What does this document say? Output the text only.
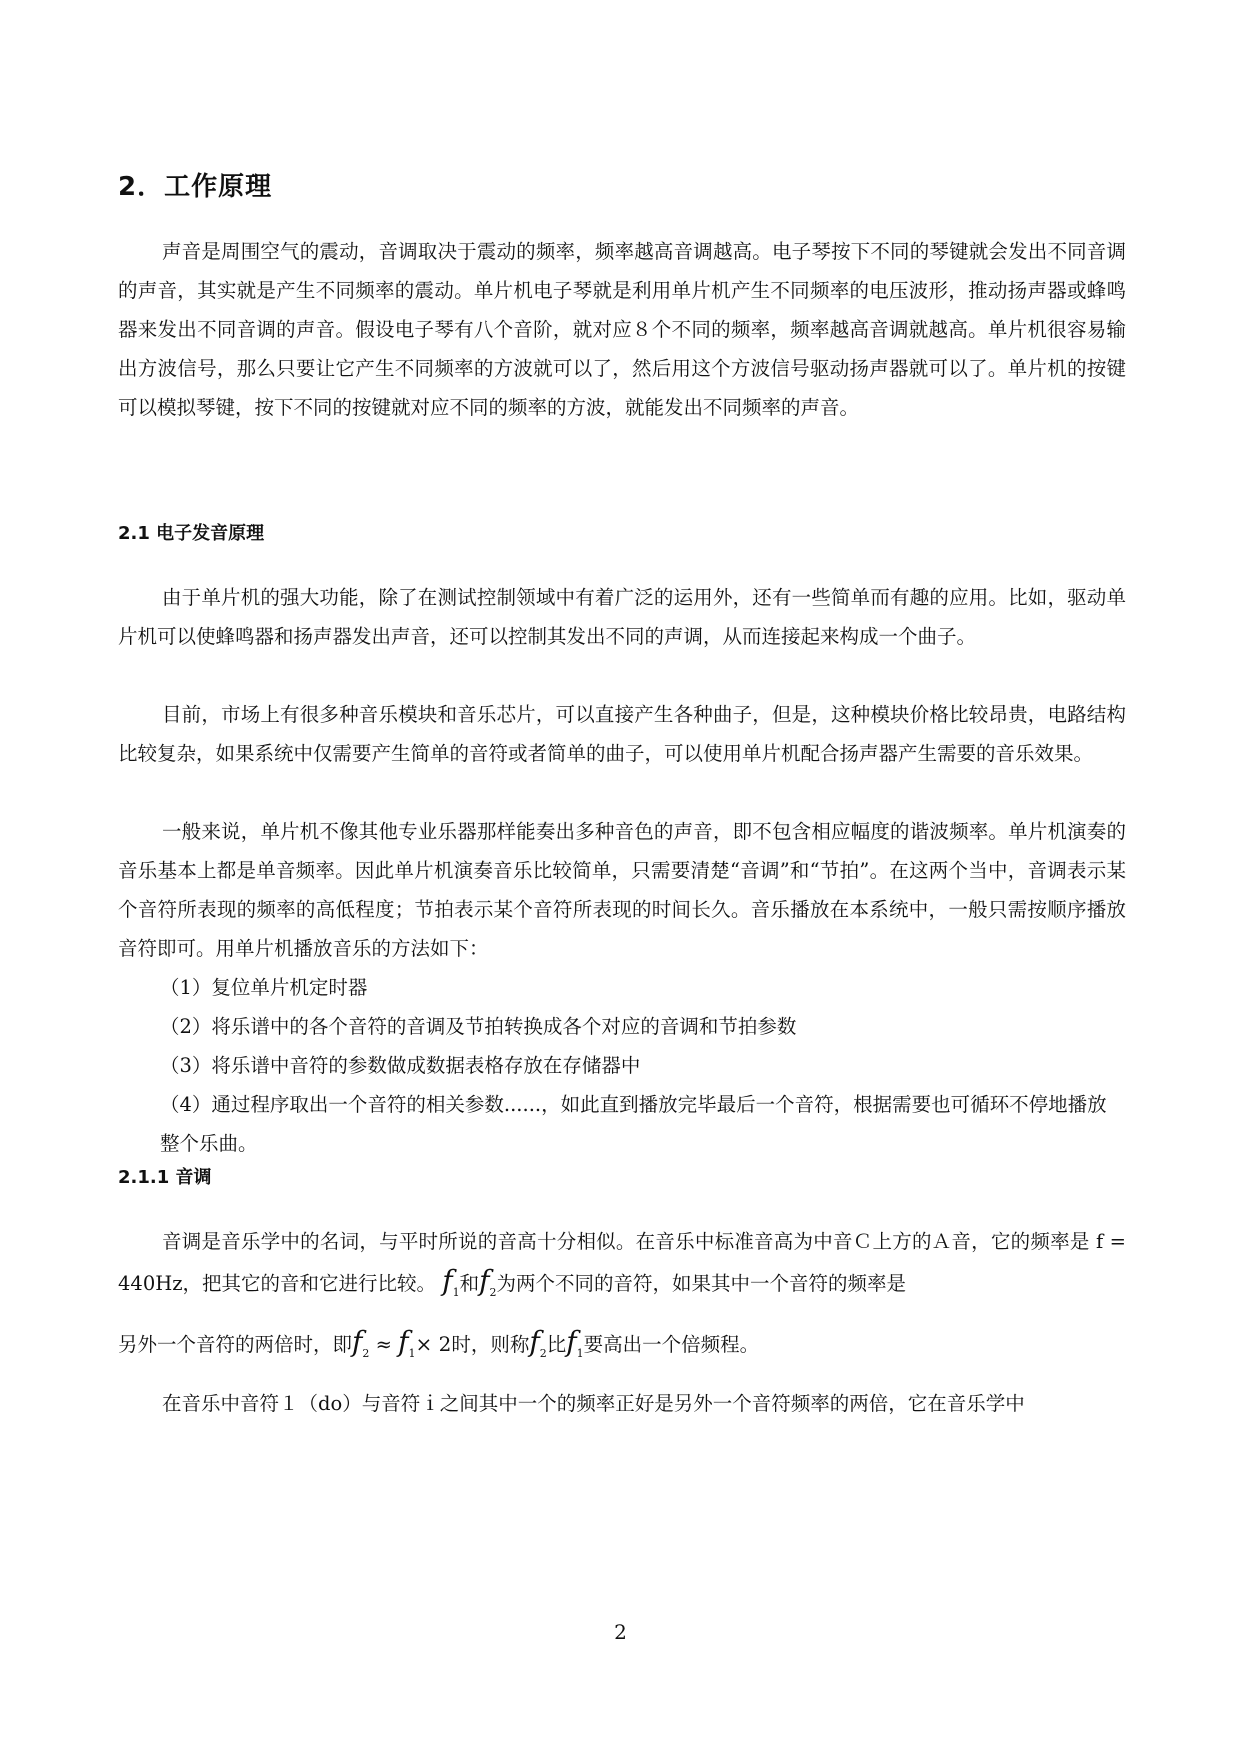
2．工作原理

声音是周围空气的震动，音调取决于震动的频率，频率越高音调越高。电子琴按下不同的琴键就会发出不同音调的声音，其实就是产生不同频率的震动。单片机电子琴就是利用单片机产生不同频率的电压波形，推动扬声器或蜂鸣器来发出不同音调的声音。假设电子琴有八个音阶，就对应８个不同的频率，频率越高音调就越高。单片机很容易输出方波信号，那么只要让它产生不同频率的方波就可以了，然后用这个方波信号驱动扬声器就可以了。单片机的按键可以模拟琴键，按下不同的按键就对应不同的频率的方波，就能发出不同频率的声音。

2.1 电子发音原理

由于单片机的强大功能，除了在测试控制领域中有着广泛的运用外，还有一些简单而有趣的应用。比如，驱动单片机可以使蜂鸣器和扬声器发出声音，还可以控制其发出不同的声调，从而连接起来构成一个曲子。

目前，市场上有很多种音乐模块和音乐芯片，可以直接产生各种曲子，但是，这种模块价格比较昂贵，电路结构比较复杂，如果系统中仅需要产生简单的音符或者简单的曲子，可以使用单片机配合扬声器产生需要的音乐效果。

一般来说，单片机不像其他专业乐器那样能奏出多种音色的声音，即不包含相应幅度的谐波频率。单片机演奏的音乐基本上都是单音频率。因此单片机演奏音乐比较简单，只需要清楚“音调”和“节拍”。在这两个当中，音调表示某个音符所表现的频率的高低程度；节拍表示某个音符所表现的时间长久。音乐播放在本系统中，一般只需按顺序播放音符即可。用单片机播放音乐的方法如下：

（1）复位单片机定时器

（2）将乐谱中的各个音符的音调及节拍转换成各个对应的音调和节拍参数

（3）将乐谱中音符的参数做成数据表格存放在存储器中

（4）通过程序取出一个音符的相关参数......，如此直到播放完毕最后一个音符，根据需要也可循环不停地播放整个乐曲。

2.1.1 音调

音调是音乐学中的名词，与平时所说的音高十分相似。在音乐中标准音高为中音Ｃ上方的Ａ音，它的频率是 f = 440Hz，把其它的音和它进行比较。 $f_1$和$f_2$为两个不同的音符，如果其中一个音符的频率是

另外一个音符的两倍时，即$f_2 \approx f_1\times 2$时，则称$f_2$比$f_1$要高出一个倍频程。

在音乐中音符１（do）与音符ｉ之间其中一个的频率正好是另外一个音符频率的两倍，它在音乐学中

2
